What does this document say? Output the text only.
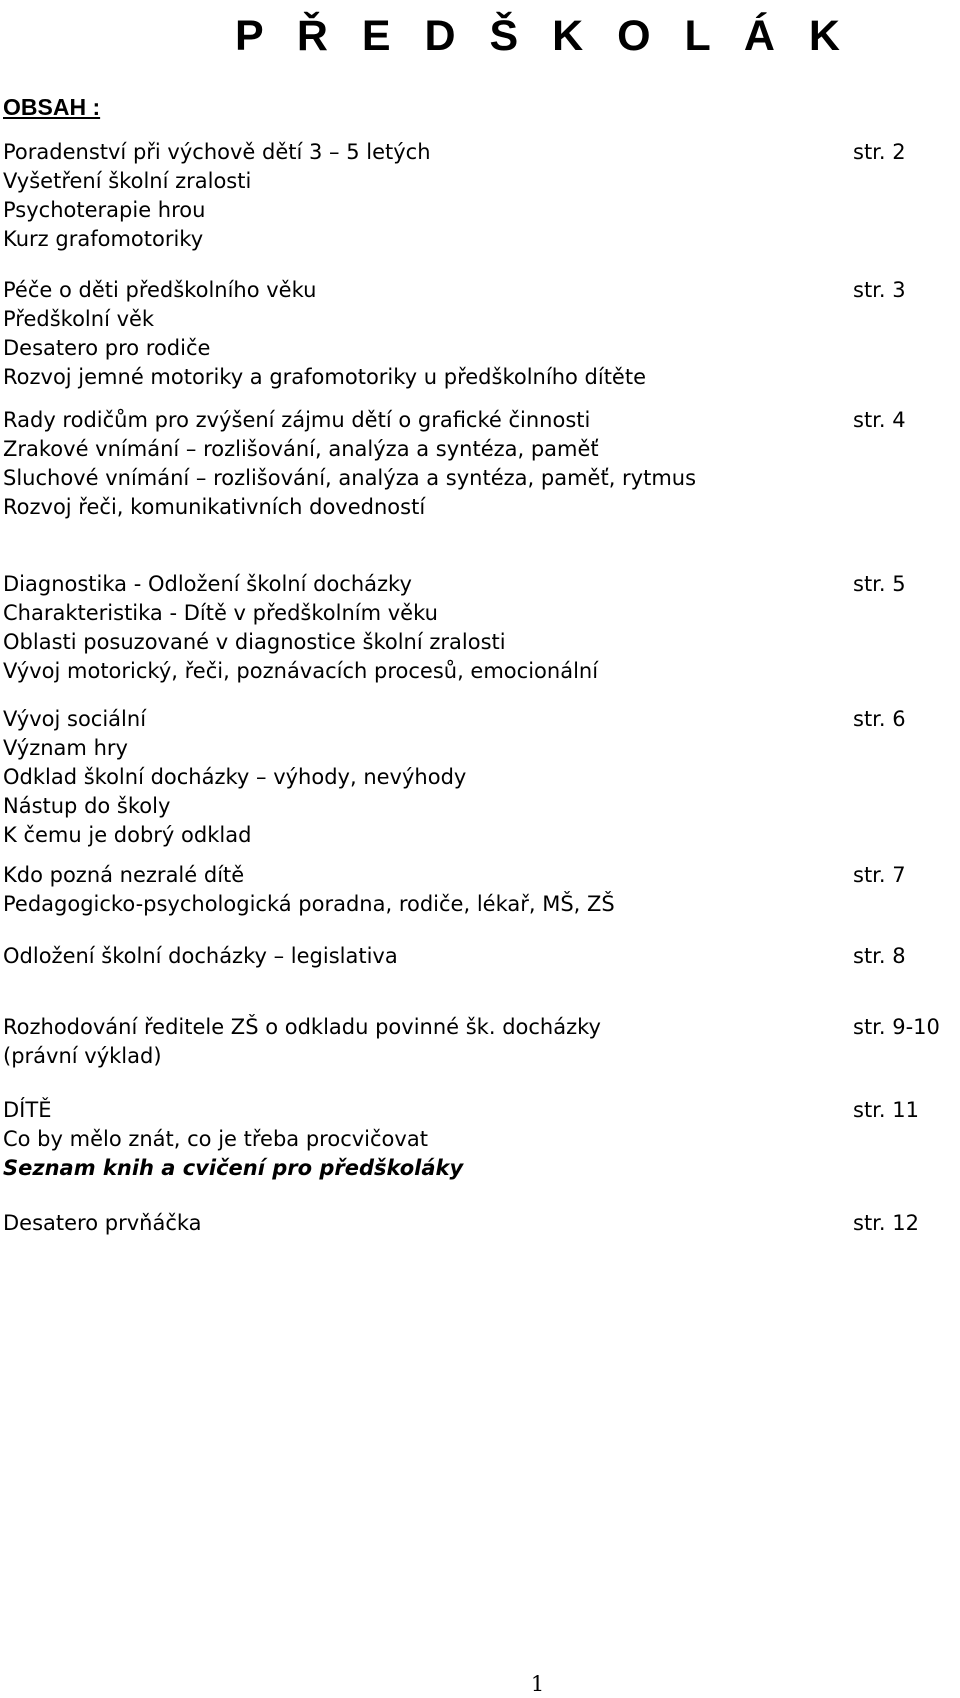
P Ř E D Š K O L Á K
OBSAH :
str. 2
Poradenství při výchově dětí 3 – 5 letých
Vyšetření školní zralosti
Psychoterapie hrou
Kurz grafomotoriky
str. 3
Péče o děti předškolního věku
Předškolní věk
Desatero pro rodiče
Rozvoj jemné motoriky a grafomotoriky u předškolního dítěte
str. 4
Rady rodičům pro zvýšení zájmu dětí o grafické činnosti
Zrakové vnímání – rozlišování, analýza a syntéza, paměť
Sluchové vnímání – rozlišování, analýza a syntéza, paměť, rytmus
Rozvoj řeči, komunikativních dovedností
str. 5
Diagnostika - Odložení školní docházky
Charakteristika - Dítě v předškolním věku
Oblasti posuzované v diagnostice školní zralosti
Vývoj motorický, řeči, poznávacích procesů, emocionální
str. 6
Vývoj sociální
Význam hry
Odklad školní docházky – výhody, nevýhody
Nástup do školy
K čemu je dobrý odklad
str. 7
Kdo pozná nezralé dítě
Pedagogicko-psychologická poradna, rodiče, lékař, MŠ, ZŠ
str. 8
Odložení školní docházky – legislativa
str. 9-10
Rozhodování ředitele ZŠ o odkladu povinné šk. docházky
(právní výklad)
str. 11
DÍTĚ
Co by mělo znát, co je třeba procvičovat
Seznam knih a cvičení pro předškoláky
str. 12
Desatero prvňáčka
1
